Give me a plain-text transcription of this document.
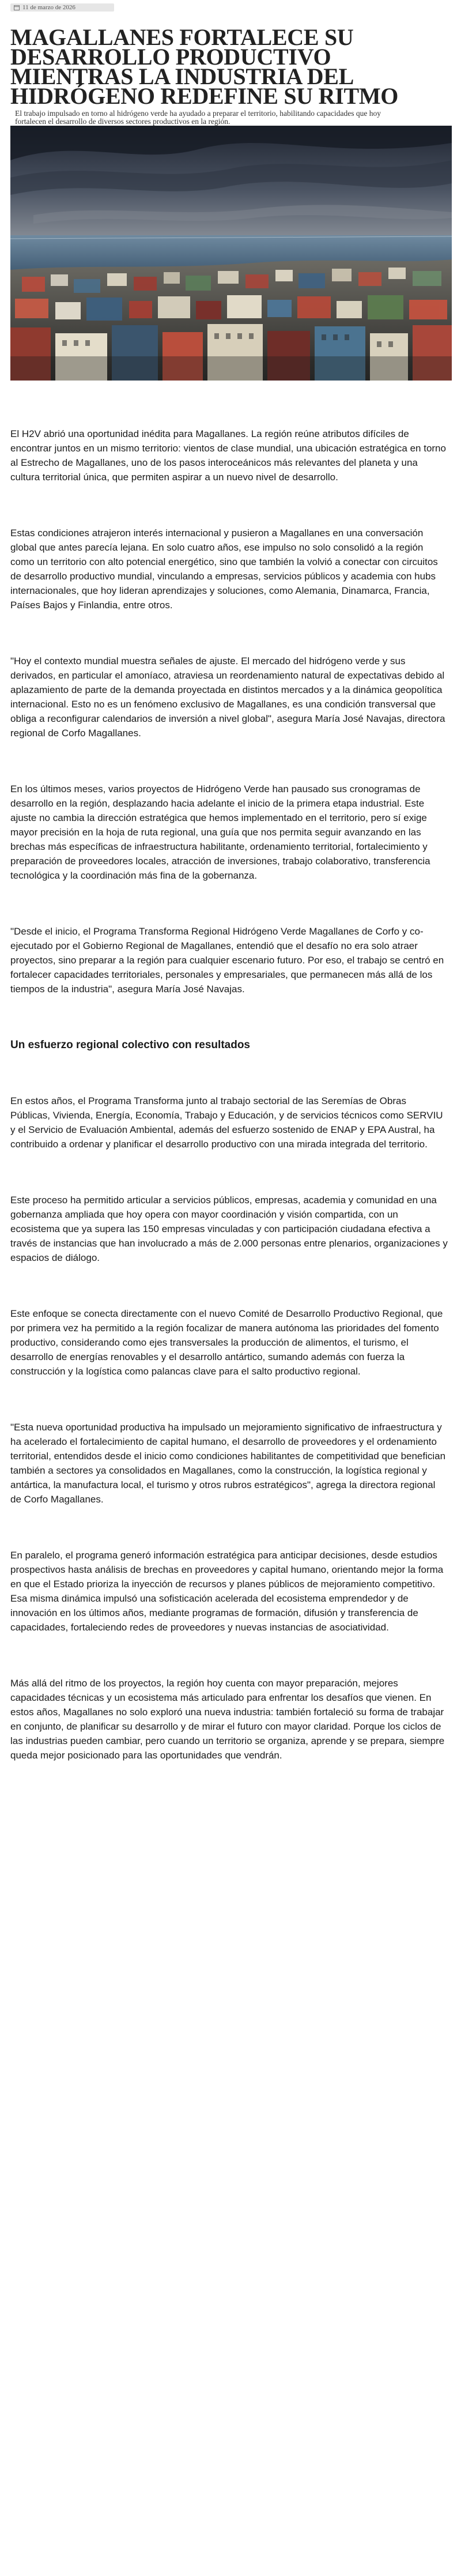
11 de marzo de 2026
MAGALLANES FORTALECE SU DESARROLLO PRODUCTIVO MIENTRAS LA INDUSTRIA DEL HIDRÓGENO REDEFINE SU RITMO

El trabajo impulsado en torno al hidrógeno verde ha ayudado a preparar el territorio, habilitando capacidades que hoy fortalecen el desarrollo de diversos sectores productivos en la región.

El H2V abrió una oportunidad inédita para Magallanes. La región reúne atributos difíciles de encontrar juntos en un mismo territorio: vientos de clase mundial, una ubicación estratégica en torno al Estrecho de Magallanes, uno de los pasos interoceánicos más relevantes del planeta y una cultura territorial única, que permiten aspirar a un nuevo nivel de desarrollo.

Estas condiciones atrajeron interés internacional y pusieron a Magallanes en una conversación global que antes parecía lejana. En solo cuatro años, ese impulso no solo consolidó a la región como un territorio con alto potencial energético, sino que también la volvió a conectar con circuitos de desarrollo productivo mundial, vinculando a empresas, servicios públicos y academia con hubs internacionales, que hoy lideran aprendizajes y soluciones, como Alemania, Dinamarca, Francia, Países Bajos y Finlandia, entre otros.

"Hoy el contexto mundial muestra señales de ajuste. El mercado del hidrógeno verde y sus derivados, en particular el amoníaco, atraviesa un reordenamiento natural de expectativas debido al aplazamiento de parte de la demanda proyectada en distintos mercados y a la dinámica geopolítica internacional. Esto no es un fenómeno exclusivo de Magallanes, es una condición transversal que obliga a reconfigurar calendarios de inversión a nivel global", asegura María José Navajas, directora regional de Corfo Magallanes.

En los últimos meses, varios proyectos de Hidrógeno Verde han pausado sus cronogramas de desarrollo en la región, desplazando hacia adelante el inicio de la primera etapa industrial. Este ajuste no cambia la dirección estratégica que hemos implementado en el territorio, pero sí exige mayor precisión en la hoja de ruta regional, una guía que nos permita seguir avanzando en las brechas más específicas de infraestructura habilitante, ordenamiento territorial, fortalecimiento y preparación de proveedores locales, atracción de inversiones, trabajo colaborativo, transferencia tecnológica y la coordinación más fina de la gobernanza.

"Desde el inicio, el Programa Transforma Regional Hidrógeno Verde Magallanes de Corfo y co-ejecutado por el Gobierno Regional de Magallanes, entendió que el desafío no era solo atraer proyectos, sino preparar a la región para cualquier escenario futuro. Por eso, el trabajo se centró en fortalecer capacidades territoriales, personales y empresariales, que permanecen más allá de los tiempos de la industria", asegura María José Navajas.

Un esfuerzo regional colectivo con resultados

En estos años, el Programa Transforma junto al trabajo sectorial de las Seremías de Obras Públicas, Vivienda, Energía, Economía, Trabajo y Educación, y de servicios técnicos como SERVIU y el Servicio de Evaluación Ambiental, además del esfuerzo sostenido de ENAP y EPA Austral, ha contribuido a ordenar y planificar el desarrollo productivo con una mirada integrada del territorio.

Este proceso ha permitido articular a servicios públicos, empresas, academia y comunidad en una gobernanza ampliada que hoy opera con mayor coordinación y visión compartida, con un ecosistema que ya supera las 150 empresas vinculadas y con participación ciudadana efectiva a través de instancias que han involucrado a más de 2.000 personas entre plenarios, organizaciones y espacios de diálogo.

Este enfoque se conecta directamente con el nuevo Comité de Desarrollo Productivo Regional, que por primera vez ha permitido a la región focalizar de manera autónoma las prioridades del fomento productivo, considerando como ejes transversales la producción de alimentos, el turismo, el desarrollo de energías renovables y el desarrollo antártico, sumando además con fuerza la construcción y la logística como palancas clave para el salto productivo regional.

"Esta nueva oportunidad productiva ha impulsado un mejoramiento significativo de infraestructura y ha acelerado el fortalecimiento de capital humano, el desarrollo de proveedores y el ordenamiento territorial, entendidos desde el inicio como condiciones habilitantes de competitividad que benefician también a sectores ya consolidados en Magallanes, como la construcción, la logística regional y antártica, la manufactura local, el turismo y otros rubros estratégicos", agrega la directora regional de Corfo Magallanes.

En paralelo, el programa generó información estratégica para anticipar decisiones, desde estudios prospectivos hasta análisis de brechas en proveedores y capital humano, orientando mejor la forma en que el Estado prioriza la inyección de recursos y planes públicos de mejoramiento competitivo. Esa misma dinámica impulsó una sofisticación acelerada del ecosistema emprendedor y de innovación en los últimos años, mediante programas de formación, difusión y transferencia de capacidades, fortaleciendo redes de proveedores y nuevas instancias de asociatividad.

Más allá del ritmo de los proyectos, la región hoy cuenta con mayor preparación, mejores capacidades técnicas y un ecosistema más articulado para enfrentar los desafíos que vienen. En estos años, Magallanes no solo exploró una nueva industria: también fortaleció su forma de trabajar en conjunto, de planificar su desarrollo y de mirar el futuro con mayor claridad. Porque los ciclos de las industrias pueden cambiar, pero cuando un territorio se organiza, aprende y se prepara, siempre queda mejor posicionado para las oportunidades que vendrán.
